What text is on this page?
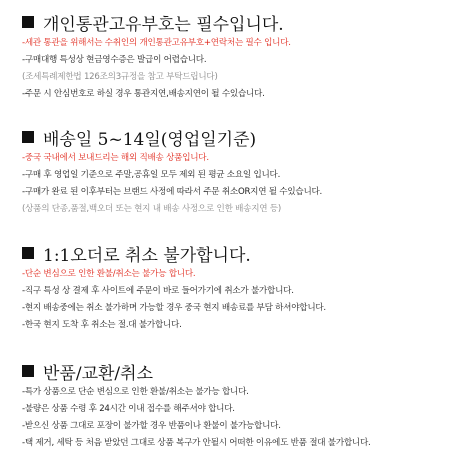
개인통관고유부호는 필수입니다.
-세관 통관을 위해서는 수취인의 개인통관고유부호+연락처는 필수 입니다.
-구매대행 특성상 현금영수증은 발급이 어렵습니다.
(조세특례제한법 126조의3규정을 참고 부탁드립니다)
-주문 시 안심번호로 하실 경우 통관지연,배송지연이 될 수있습니다.
배송일 5~14일(영업일기준)
-중국 국내에서 보내드리는 해외 직배송 상품입니다.
-구매 후 영업일 기준으로 주말,공휴일 모두 제외 된 평균 소요일 입니다.
-구매가 완료 된 이후부터는 브랜드 사정에 따라서 주문 취소OR지연 될 수있습니다.
(상품의 단종,품절,백오더 또는 현지 내 배송 사정으로 인한 배송지연 등)
1:1오더로 취소 불가합니다.
-단순 변심으로 인한 환불/취소는 불가능 합니다.
-직구 특성 상 결제 후 사이트에 주문이 바로 들어가기에 취소가 불가합니다.
-현지 배송중에는 취소 불가하며 가능할 경우 중국 현지 배송료를 부담 하셔야합니다.
-한국 현지 도착 후 취소는 절.대 불가합니다.
반품/교환/취소
-특가 상품으로 단순 변심으로 인한 환불/취소는 불가능 합니다.
-불량은 상품 수령 후 24시간 이내 접수를 해주셔야 합니다.
-받으신 상품 그대로 포장이 불가할 경우 반품이나 환불이 불가능합니다.
-택 제거, 세탁 등 처음 받았던 그대로 상품 복구가 안될시 어떠한 이유에도 반품 절대 불가합니다.
